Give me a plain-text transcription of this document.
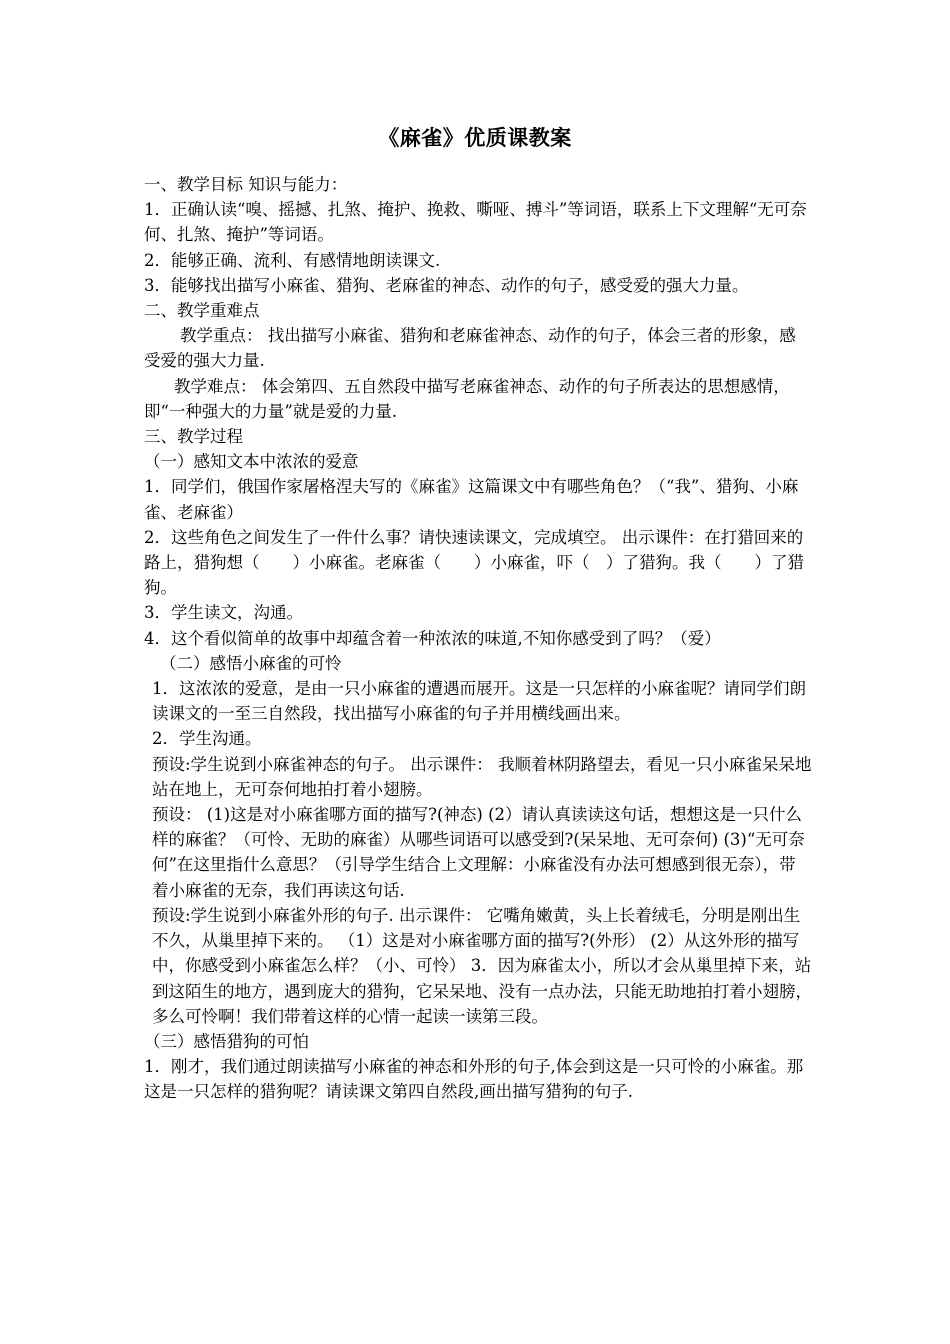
《麻雀》优质课教案

一、教学目标 知识与能力：

1．正确认读“嗅、摇撼、扎煞、掩护、挽救、嘶哑、搏斗”等词语，联系上下文理解“无可奈何、扎煞、掩护”等词语。

2．能够正确、流利、有感情地朗读课文.

3．能够找出描写小麻雀、猎狗、老麻雀的神态、动作的句子，感受爱的强大力量。

二、教学重难点

教学重点： 找出描写小麻雀、猎狗和老麻雀神态、动作的句子，体会三者的形象，感受爱的强大力量.

教学难点： 体会第四、五自然段中描写老麻雀神态、动作的句子所表达的思想感情，即“一种强大的力量”就是爱的力量.

三、教学过程

（一）感知文本中浓浓的爱意

1．同学们，俄国作家屠格涅夫写的《麻雀》这篇课文中有哪些角色？（“我”、猎狗、小麻雀、老麻雀）

2．这些角色之间发生了一件什么事？请快速读课文，完成填空。 出示课件：在打猎回来的路上，猎狗想（　　）小麻雀。老麻雀（　　）小麻雀，吓（　）了猎狗。我（　　）了猎狗。

3．学生读文，沟通。

4．这个看似简单的故事中却蕴含着一种浓浓的味道,不知你感受到了吗？（爱）

（二）感悟小麻雀的可怜

1．这浓浓的爱意，是由一只小麻雀的遭遇而展开。这是一只怎样的小麻雀呢？请同学们朗读课文的一至三自然段，找出描写小麻雀的句子并用横线画出来。

2．学生沟通。

预设:学生说到小麻雀神态的句子。 出示课件： 我顺着林阴路望去，看见一只小麻雀呆呆地站在地上，无可奈何地拍打着小翅膀。

预设： (1)这是对小麻雀哪方面的描写?(神态) (2）请认真读读这句话，想想这是一只什么样的麻雀？（可怜、无助的麻雀）从哪些词语可以感受到?(呆呆地、无可奈何) (3)“无可奈何”在这里指什么意思？（引导学生结合上文理解：小麻雀没有办法可想感到很无奈），带着小麻雀的无奈，我们再读这句话.

预设:学生说到小麻雀外形的句子. 出示课件： 它嘴角嫩黄，头上长着绒毛，分明是刚出生不久，从巢里掉下来的。 （1）这是对小麻雀哪方面的描写?(外形） (2）从这外形的描写中，你感受到小麻雀怎么样？（小、可怜） 3．因为麻雀太小，所以才会从巢里掉下来，站到这陌生的地方，遇到庞大的猎狗，它呆呆地、没有一点办法，只能无助地拍打着小翅膀，多么可怜啊！我们带着这样的心情一起读一读第三段。

（三）感悟猎狗的可怕

1．刚才，我们通过朗读描写小麻雀的神态和外形的句子,体会到这是一只可怜的小麻雀。那这是一只怎样的猎狗呢？请读课文第四自然段,画出描写猎狗的句子.
